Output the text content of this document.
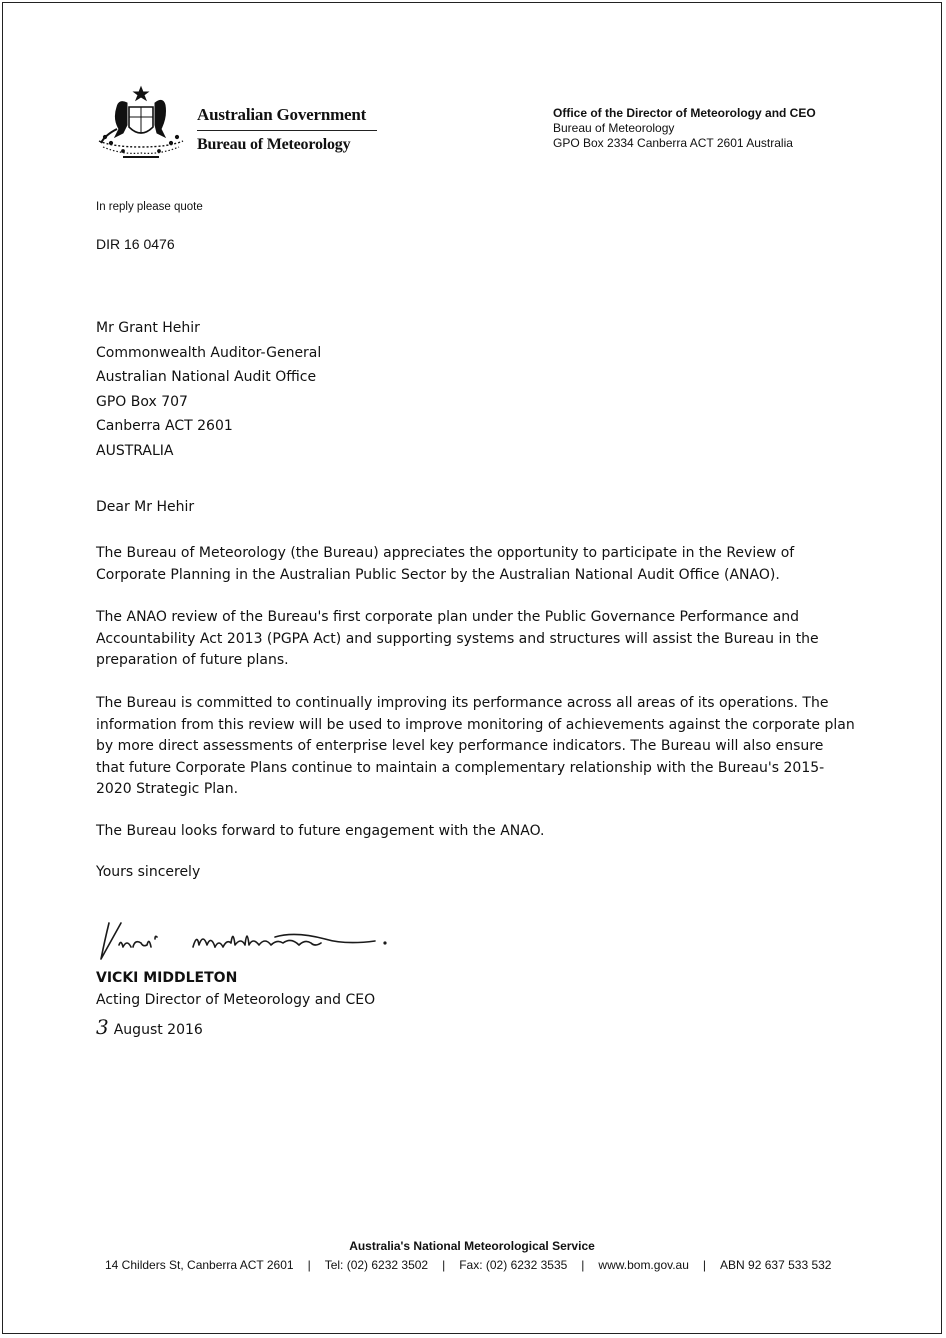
Australian Government
Bureau of Meteorology
Office of the Director of Meteorology and CEO
Bureau of Meteorology
GPO Box 2334 Canberra ACT 2601 Australia
In reply please quote
DIR 16 0476
Mr Grant Hehir
Commonwealth Auditor-General
Australian National Audit Office
GPO Box 707
Canberra ACT 2601
AUSTRALIA
Dear Mr Hehir
The Bureau of Meteorology (the Bureau) appreciates the opportunity to participate in the Review of Corporate Planning in the Australian Public Sector by the Australian National Audit Office (ANAO).
The ANAO review of the Bureau's first corporate plan under the Public Governance Performance and Accountability Act 2013 (PGPA Act) and supporting systems and structures will assist the Bureau in the preparation of future plans.
The Bureau is committed to continually improving its performance across all areas of its operations. The information from this review will be used to improve monitoring of achievements against the corporate plan by more direct assessments of enterprise level key performance indicators. The Bureau will also ensure that future Corporate Plans continue to maintain a complementary relationship with the Bureau's 2015-2020 Strategic Plan.
The Bureau looks forward to future engagement with the ANAO.
Yours sincerely
VICKI MIDDLETON
Acting Director of Meteorology and CEO
3 August 2016
Australia's National Meteorological Service
14 Childers St, Canberra ACT 2601 | Tel: (02) 6232 3502 | Fax: (02) 6232 3535 | www.bom.gov.au | ABN 92 637 533 532
